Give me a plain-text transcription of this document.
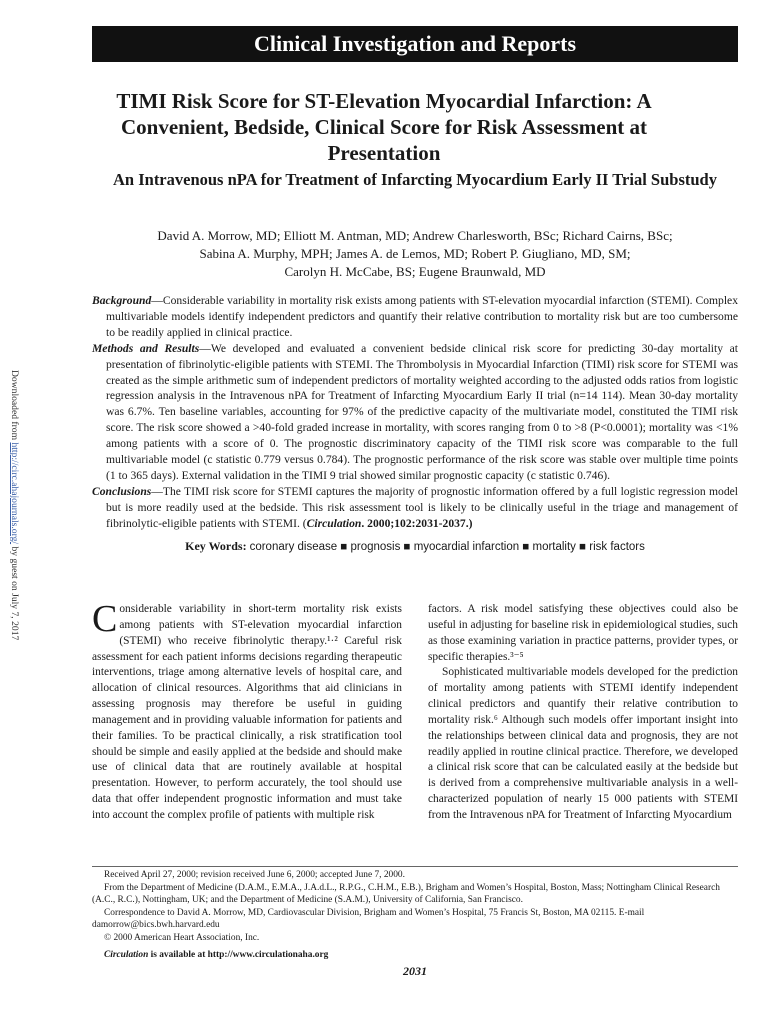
Clinical Investigation and Reports
TIMI Risk Score for ST-Elevation Myocardial Infarction: A Convenient, Bedside, Clinical Score for Risk Assessment at Presentation
An Intravenous nPA for Treatment of Infarcting Myocardium Early II Trial Substudy
David A. Morrow, MD; Elliott M. Antman, MD; Andrew Charlesworth, BSc; Richard Cairns, BSc;
Sabina A. Murphy, MPH; James A. de Lemos, MD; Robert P. Giugliano, MD, SM;
Carolyn H. McCabe, BS; Eugene Braunwald, MD

Background—Considerable variability in mortality risk exists among patients with ST-elevation myocardial infarction (STEMI). Complex multivariable models identify independent predictors and quantify their relative contribution to mortality risk but are too cumbersome to be readily applied in clinical practice.

Methods and Results—We developed and evaluated a convenient bedside clinical risk score for predicting 30-day mortality at presentation of fibrinolytic-eligible patients with STEMI. The Thrombolysis in Myocardial Infarction (TIMI) risk score for STEMI was created as the simple arithmetic sum of independent predictors of mortality weighted according to the adjusted odds ratios from logistic regression analysis in the Intravenous nPA for Treatment of Infarcting Myocardium Early II trial (n=14 114). Mean 30-day mortality was 6.7%. Ten baseline variables, accounting for 97% of the predictive capacity of the multivariate model, constituted the TIMI risk score. The risk score showed a >40-fold graded increase in mortality, with scores ranging from 0 to >8 (P<0.0001); mortality was <1% among patients with a score of 0. The prognostic discriminatory capacity of the TIMI risk score was comparable to the full multivariable model (c statistic 0.779 versus 0.784). The prognostic performance of the risk score was stable over multiple time points (1 to 365 days). External validation in the TIMI 9 trial showed similar prognostic capacity (c statistic 0.746).

Conclusions—The TIMI risk score for STEMI captures the majority of prognostic information offered by a full logistic regression model but is more readily used at the bedside. This risk assessment tool is likely to be clinically useful in the triage and management of fibrinolytic-eligible patients with STEMI. (Circulation. 2000;102:2031-2037.)

Key Words: coronary disease ■ prognosis ■ myocardial infarction ■ mortality ■ risk factors

Considerable variability in short-term mortality risk exists among patients with ST-elevation myocardial infarction (STEMI) who receive fibrinolytic therapy.¹·² Careful risk assessment for each patient informs decisions regarding therapeutic interventions, triage among alternative levels of hospital care, and allocation of clinical resources. Algorithms that aid clinicians in assessing prognosis may therefore be useful in guiding management and in providing valuable information for patients and their families. To be practical clinically, a risk stratification tool should be simple and easily applied at the bedside and should make use of clinical data that are routinely available at hospital presentation. However, to perform accurately, the tool should use data that offer independent prognostic information and must take into account the complex profile of patients with multiple risk

factors. A risk model satisfying these objectives could also be useful in adjusting for baseline risk in epidemiological studies, such as those examining variation in practice patterns, provider types, or specific therapies.³⁻⁵

Sophisticated multivariable models developed for the prediction of mortality among patients with STEMI identify independent clinical predictors and quantify their relative contribution to mortality risk.⁶ Although such models offer important insight into the relationships between clinical data and prognosis, they are not readily applied in routine clinical practice. Therefore, we developed a clinical risk score that can be calculated easily at the bedside but is derived from a comprehensive multivariable analysis in a well-characterized population of nearly 15 000 patients with STEMI from the Intravenous nPA for Treatment of Infarcting Myocardium

Received April 27, 2000; revision received June 6, 2000; accepted June 7, 2000.

From the Department of Medicine (D.A.M., E.M.A., J.A.d.L., R.P.G., C.H.M., E.B.), Brigham and Women’s Hospital, Boston, Mass; Nottingham Clinical Research (A.C., R.C.), Nottingham, UK; and the Department of Medicine (S.A.M.), University of California, San Francisco.

Correspondence to David A. Morrow, MD, Cardiovascular Division, Brigham and Women’s Hospital, 75 Francis St, Boston, MA 02115. E-mail damorrow@bics.bwh.harvard.edu

© 2000 American Heart Association, Inc.

Circulation is available at http://www.circulationaha.org

2031
Downloaded from http://circ.ahajournals.org/ by guest on July 7, 2017
